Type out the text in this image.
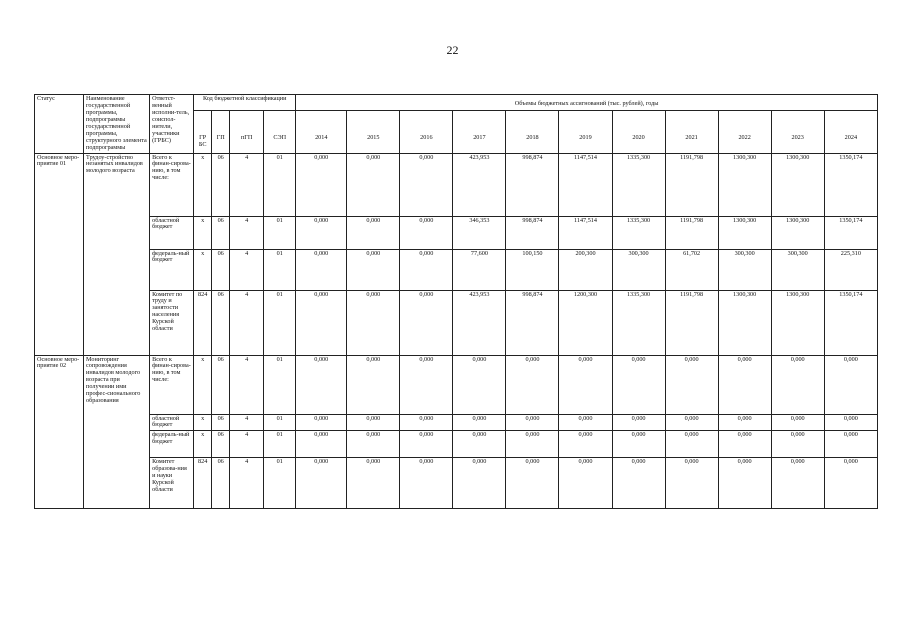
22
Статус	Наименование государственной программы, подпрограммы государственной программы, структурного элемента подпрограммы	Ответст-венный исполни-тель, соиспол-нители, участники (ГРБС)	Код бюджетной классификации				Объемы бюджетных ассигнований (тыс. рублей), годы										
			ГР БС	ГП	пГП	СЭП	2014	2015	2016	2017	2018	2019	2020	2021	2022	2023	2024
Основное меро-приятие 01	Трудоу-стройство незанятых инвалидов молодого возраста	Всего к финан-сирова-нию, в том числе:	x	06	4	01	0,000	0,000	0,000	423,953	998,874	1147,514	1335,300	1191,798	1300,300	1300,300	1350,174
		областной бюджет	x	06	4	01	0,000	0,000	0,000	346,353	998,874	1147,514	1335,300	1191,798	1300,300	1300,300	1350,174
		федераль-ный бюджет	x	06	4	01	0,000	0,000	0,000	77,600	100,150	200,300	300,300	61,702	300,300	300,300	225,310
		Комитет по труду и занятости населения Курской области	824	06	4	01	0,000	0,000	0,000	423,953	998,874	1200,300	1335,300	1191,798	1300,300	1300,300	1350,174
Основное меро-приятие 02	Мониторинг сопровождения инвалидов молодого возраста при получении ими профес-сионального образования	Всего к финан-сирова-нию, в том числе:	x	06	4	01	0,000	0,000	0,000	0,000	0,000	0,000	0,000	0,000	0,000	0,000	0,000
		областной бюджет	x	06	4	01	0,000	0,000	0,000	0,000	0,000	0,000	0,000	0,000	0,000	0,000	0,000
		федераль-ный бюджет	x	06	4	01	0,000	0,000	0,000	0,000	0,000	0,000	0,000	0,000	0,000	0,000	0,000
		Комитет образова-ния и науки Курской области	824	06	4	01	0,000	0,000	0,000	0,000	0,000	0,000	0,000	0,000	0,000	0,000	0,000
